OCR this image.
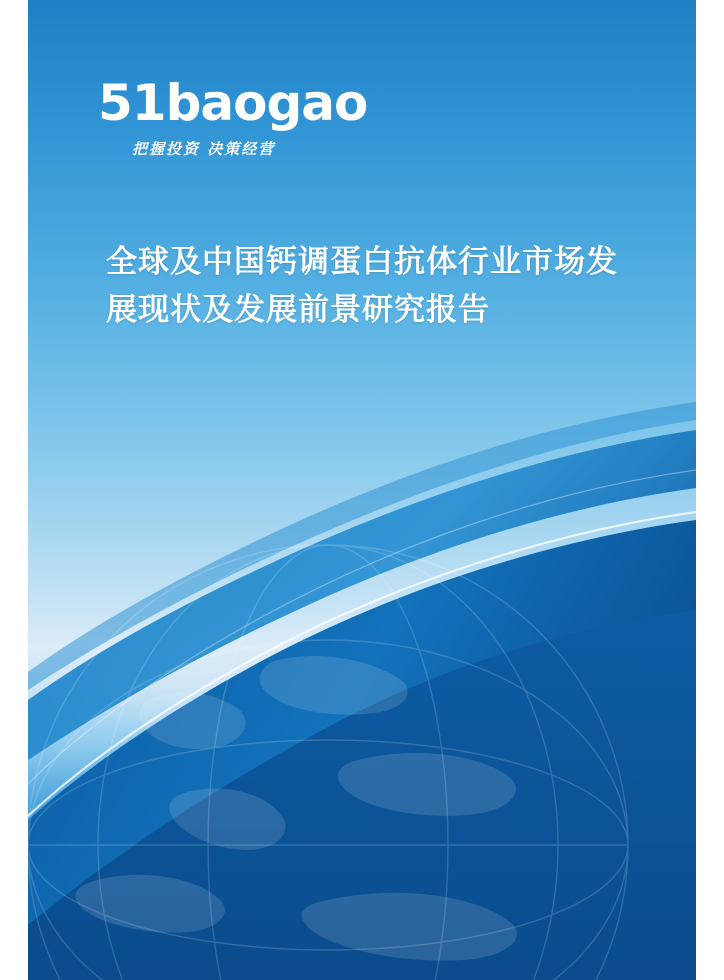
51baogao
把握投资 决策经营
全球及中国钙调蛋白抗体行业市场发展现状及发展前景研究报告
